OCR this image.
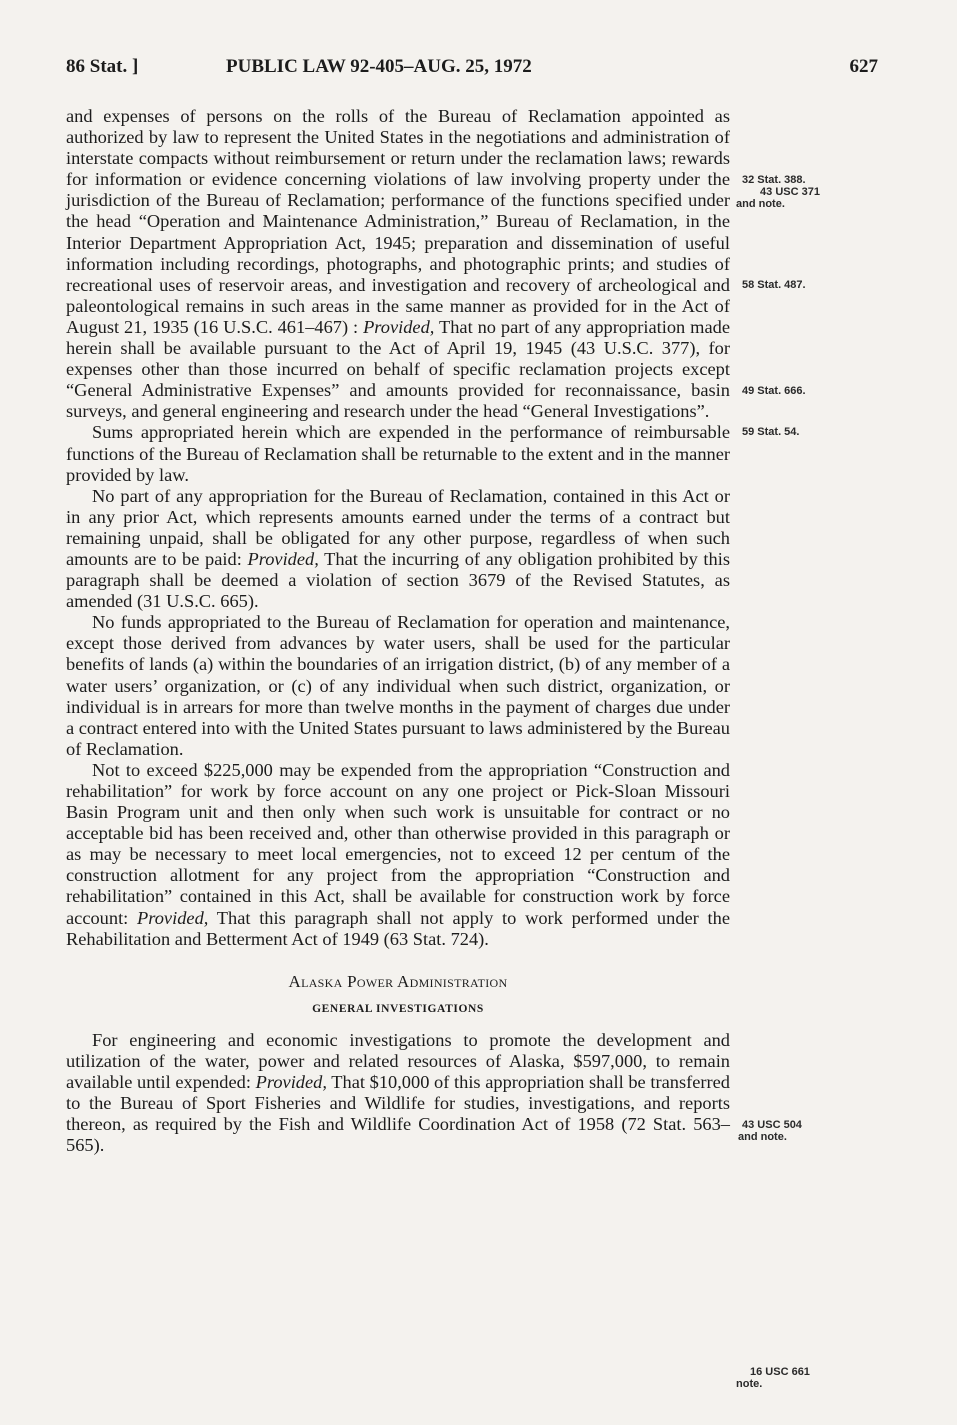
86 Stat. ]	PUBLIC LAW 92-405–AUG. 25, 1972	627

and expenses of persons on the rolls of the Bureau of Reclamation appointed as authorized by law to represent the United States in the negotiations and administration of interstate compacts without reimbursement or return under the reclamation laws; rewards for information or evidence concerning violations of law involving property under the jurisdiction of the Bureau of Reclamation; performance of the functions specified under the head “Operation and Maintenance Administration,” Bureau of Reclamation, in the Interior Department Appropriation Act, 1945; preparation and dissemination of useful information including recordings, photographs, and photographic prints; and studies of recreational uses of reservoir areas, and investigation and recovery of archeological and paleontological remains in such areas in the same manner as provided for in the Act of August 21, 1935 (16 U.S.C. 461–467) : Provided, That no part of any appropriation made herein shall be available pursuant to the Act of April 19, 1945 (43 U.S.C. 377), for expenses other than those incurred on behalf of specific reclamation projects except “General Administrative Expenses” and amounts provided for reconnaissance, basin surveys, and general engineering and research under the head “General Investigations”.

Sums appropriated herein which are expended in the performance of reimbursable functions of the Bureau of Reclamation shall be returnable to the extent and in the manner provided by law.

No part of any appropriation for the Bureau of Reclamation, contained in this Act or in any prior Act, which represents amounts earned under the terms of a contract but remaining unpaid, shall be obligated for any other purpose, regardless of when such amounts are to be paid: Provided, That the incurring of any obligation prohibited by this paragraph shall be deemed a violation of section 3679 of the Revised Statutes, as amended (31 U.S.C. 665).

No funds appropriated to the Bureau of Reclamation for operation and maintenance, except those derived from advances by water users, shall be used for the particular benefits of lands (a) within the boundaries of an irrigation district, (b) of any member of a water users’ organization, or (c) of any individual when such district, organization, or individual is in arrears for more than twelve months in the payment of charges due under a contract entered into with the United States pursuant to laws administered by the Bureau of Reclamation.

Not to exceed $225,000 may be expended from the appropriation “Construction and rehabilitation” for work by force account on any one project or Pick-Sloan Missouri Basin Program unit and then only when such work is unsuitable for contract or no acceptable bid has been received and, other than otherwise provided in this paragraph or as may be necessary to meet local emergencies, not to exceed 12 per centum of the construction allotment for any project from the appropriation “Construction and rehabilitation” contained in this Act, shall be available for construction work by force account: Provided, That this paragraph shall not apply to work performed under the Rehabilitation and Betterment Act of 1949 (63 Stat. 724).

Alaska Power Administration
GENERAL INVESTIGATIONS

For engineering and economic investigations to promote the development and utilization of the water, power and related resources of Alaska, $597,000, to remain available until expended: Provided, That $10,000 of this appropriation shall be transferred to the Bureau of Sport Fisheries and Wildlife for studies, investigations, and reports thereon, as required by the Fish and Wildlife Coordination Act of 1958 (72 Stat. 563–565).

32 Stat. 388.
43 USC 371
and note.
58 Stat. 487.
49 Stat. 666.
59 Stat. 54.
43 USC 504
and note.
16 USC 661
note.
